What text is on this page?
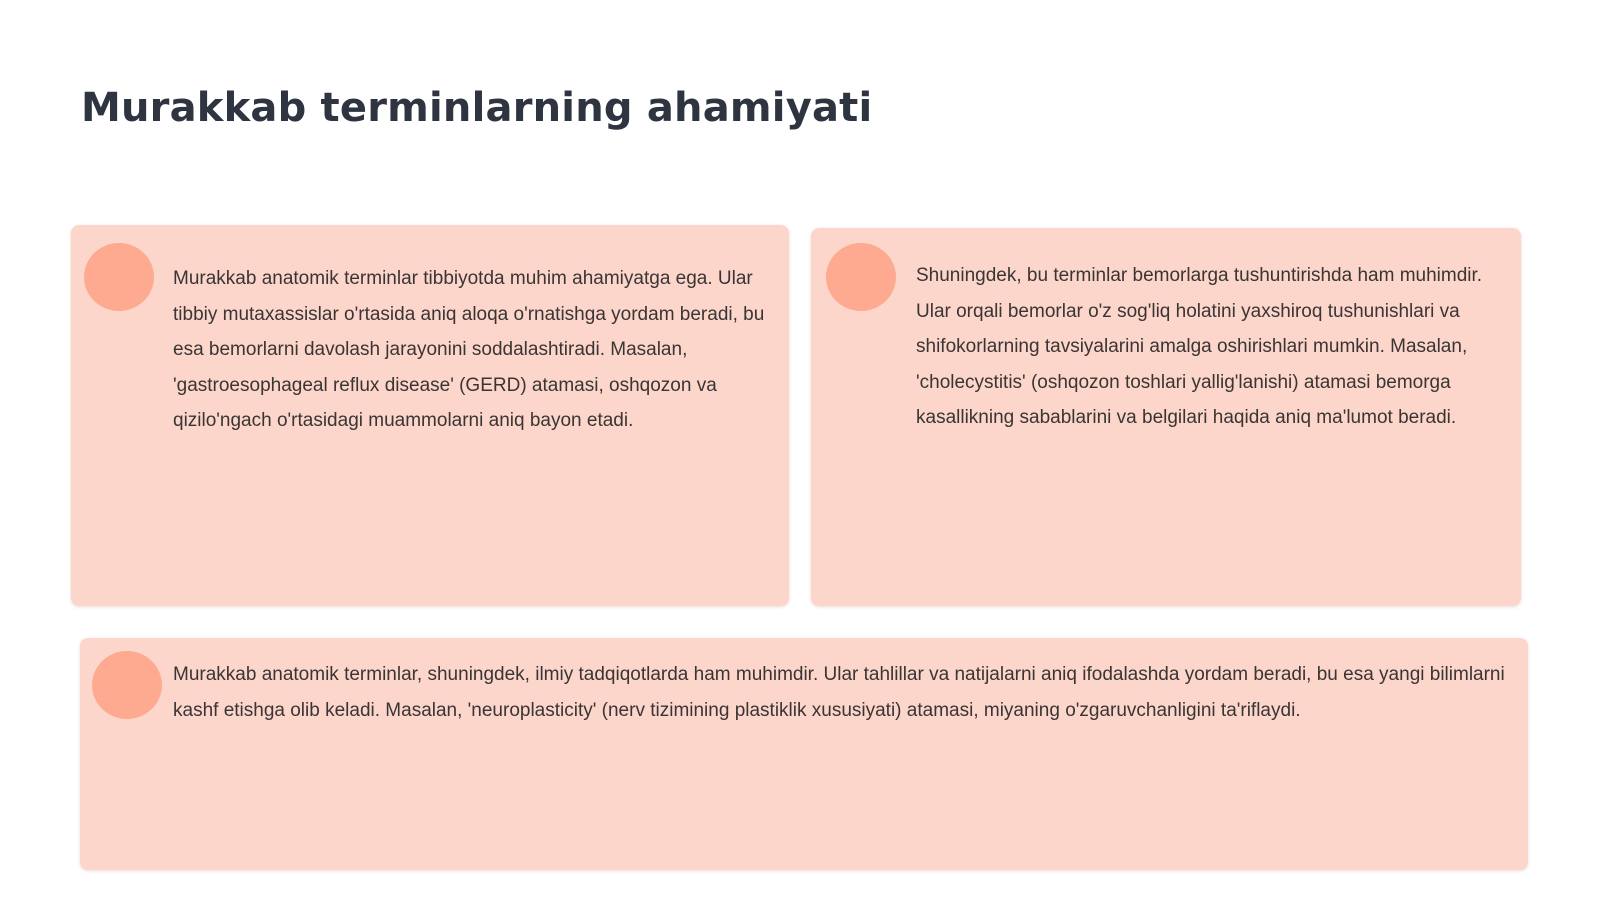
Murakkab terminlarning ahamiyati

Murakkab anatomik terminlar tibbiyotda muhim ahamiyatga ega. Ular tibbiy mutaxassislar o'rtasida aniq aloqa o'rnatishga yordam beradi, bu esa bemorlarni davolash jarayonini soddalashtiradi. Masalan, 'gastroesophageal reflux disease' (GERD) atamasi, oshqozon va qizilo'ngach o'rtasidagi muammolarni aniq bayon etadi.

Shuningdek, bu terminlar bemorlarga tushuntirishda ham muhimdir. Ular orqali bemorlar o'z sog'liq holatini yaxshiroq tushunishlari va shifokorlarning tavsiyalarini amalga oshirishlari mumkin. Masalan, 'cholecystitis' (oshqozon toshlari yallig'lanishi) atamasi bemorga kasallikning sabablarini va belgilari haqida aniq ma'lumot beradi.

Murakkab anatomik terminlar, shuningdek, ilmiy tadqiqotlarda ham muhimdir. Ular tahlillar va natijalarni aniq ifodalashda yordam beradi, bu esa yangi bilimlarni kashf etishga olib keladi. Masalan, 'neuroplasticity' (nerv tizimining plastiklik xususiyati) atamasi, miyaning o'zgaruvchanligini ta'riflaydi.
